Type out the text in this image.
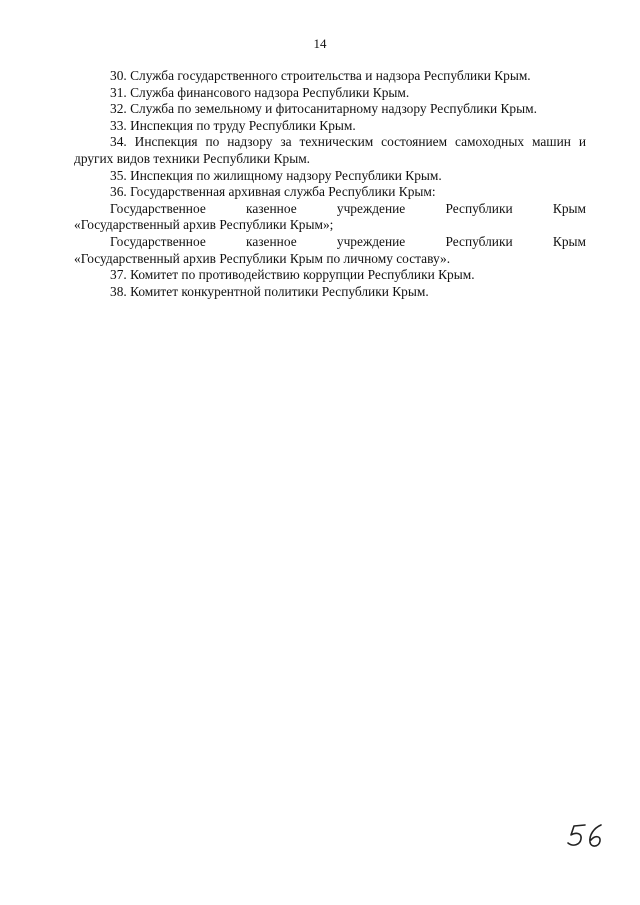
14

30. Служба государственного строительства и надзора Республики Крым.

31. Служба финансового надзора Республики Крым.

32. Служба по земельному и фитосанитарному надзору Республики Крым.

33. Инспекция по труду Республики Крым.

34. Инспекция по надзору за техническим состоянием самоходных машин и других видов техники Республики Крым.

35. Инспекция по жилищному надзору Республики Крым.

36. Государственная архивная служба Республики Крым:

Государственное казенное учреждение Республики Крым

«Государственный архив Республики Крым»;

Государственное казенное учреждение Республики Крым

«Государственный архив Республики Крым по личному составу».

37. Комитет по противодействию коррупции Республики Крым.

38. Комитет конкурентной политики Республики Крым.
